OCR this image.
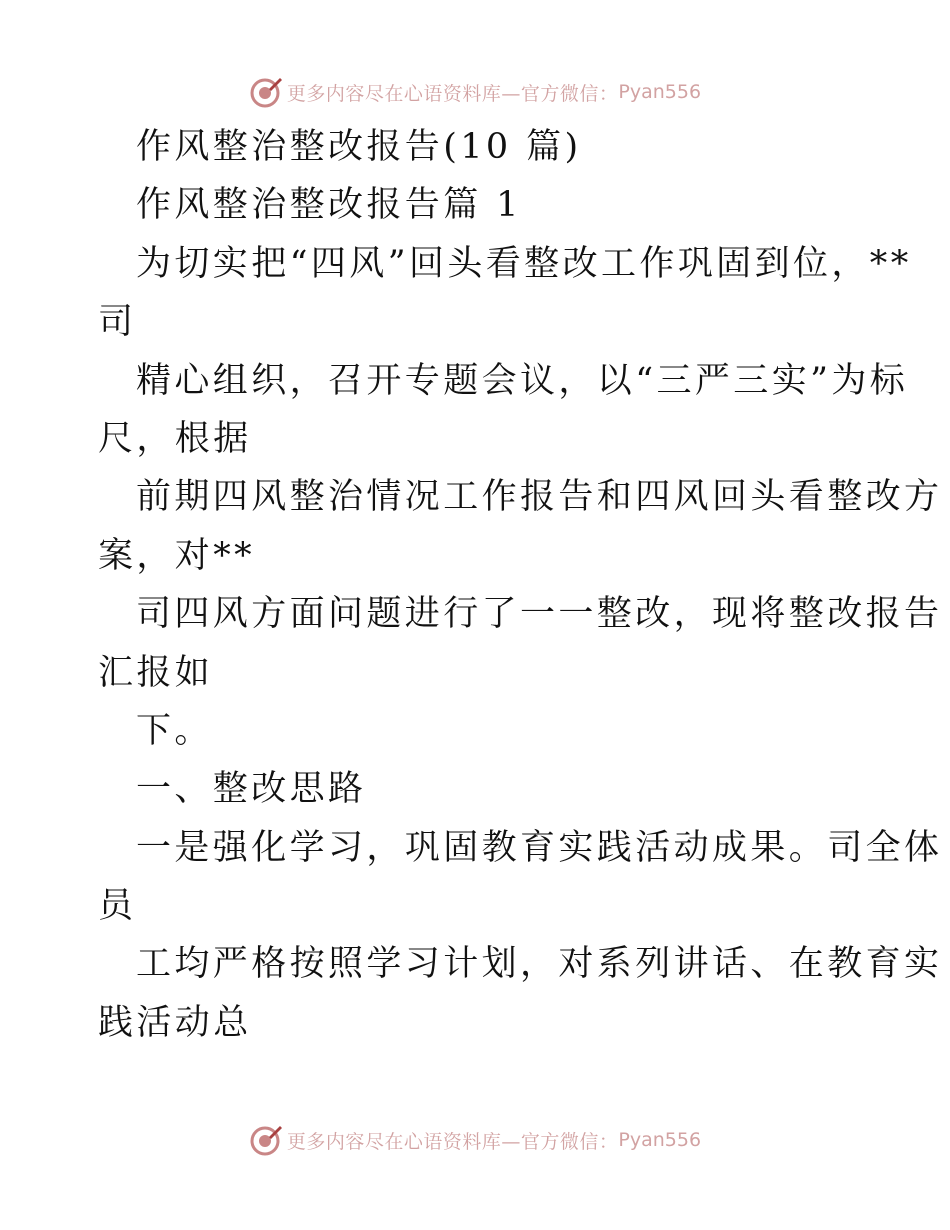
更多内容尽在心语资料库—官方微信： Pyan556
作风整治整改报告(10 篇)
作风整治整改报告篇 1
为切实把“四风”回头看整改工作巩固到位，**
司
精心组织，召开专题会议，以“三严三实”为标
尺，根据
前期四风整治情况工作报告和四风回头看整改方
案，对**
司四风方面问题进行了一一整改，现将整改报告
汇报如
下。
一、整改思路
一是强化学习，巩固教育实践活动成果。司全体
员
工均严格按照学习计划，对系列讲话、在教育实
践活动总
更多内容尽在心语资料库—官方微信： Pyan556
